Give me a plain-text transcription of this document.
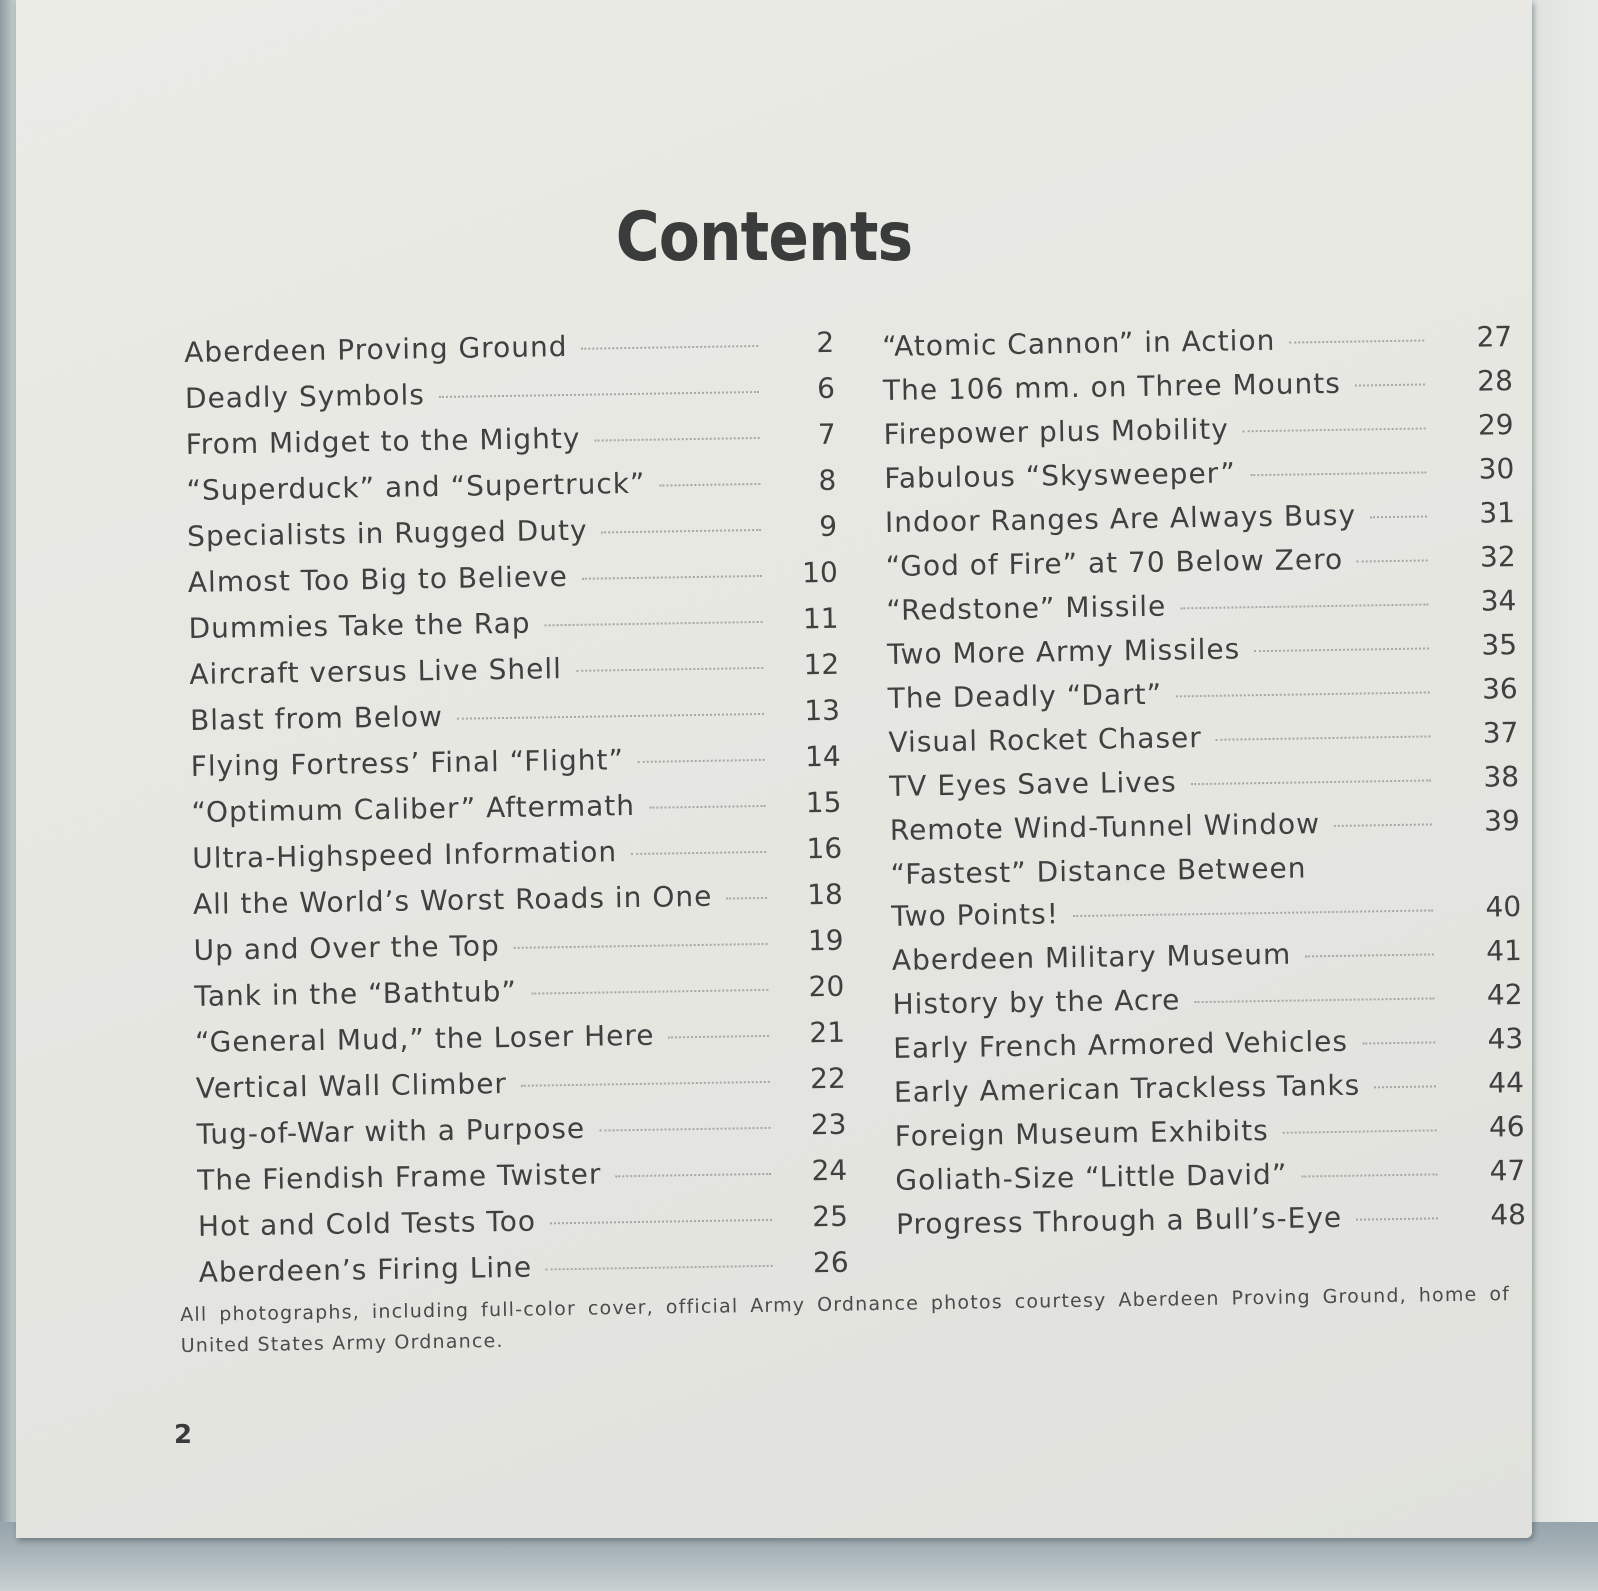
Contents
Aberdeen Proving Ground	2
Deadly Symbols	6
From Midget to the Mighty	7
“Superduck” and “Supertruck”	8
Specialists in Rugged Duty	9
Almost Too Big to Believe	10
Dummies Take the Rap	11
Aircraft versus Live Shell	12
Blast from Below	13
Flying Fortress’ Final “Flight”	14
“Optimum Caliber” Aftermath	15
Ultra-Highspeed Information	16
All the World’s Worst Roads in One	18
Up and Over the Top	19
Tank in the “Bathtub”	20
“General Mud,” the Loser Here	21
Vertical Wall Climber	22
Tug-of-War with a Purpose	23
The Fiendish Frame Twister	24
Hot and Cold Tests Too	25
Aberdeen’s Firing Line	26
“Atomic Cannon” in Action	27
The 106 mm. on Three Mounts	28
Firepower plus Mobility	29
Fabulous “Skysweeper”	30
Indoor Ranges Are Always Busy	31
“God of Fire” at 70 Below Zero	32
“Redstone” Missile	34
Two More Army Missiles	35
The Deadly “Dart”	36
Visual Rocket Chaser	37
TV Eyes Save Lives	38
Remote Wind-Tunnel Window	39
“Fastest” Distance Between
Two Points!	40
Aberdeen Military Museum	41
History by the Acre	42
Early French Armored Vehicles	43
Early American Trackless Tanks	44
Foreign Museum Exhibits	46
Goliath-Size “Little David”	47
Progress Through a Bull’s-Eye	48
All photographs, including full-color cover, official Army Ordnance photos courtesy Aberdeen Proving Ground, home of United States Army Ordnance.
2
